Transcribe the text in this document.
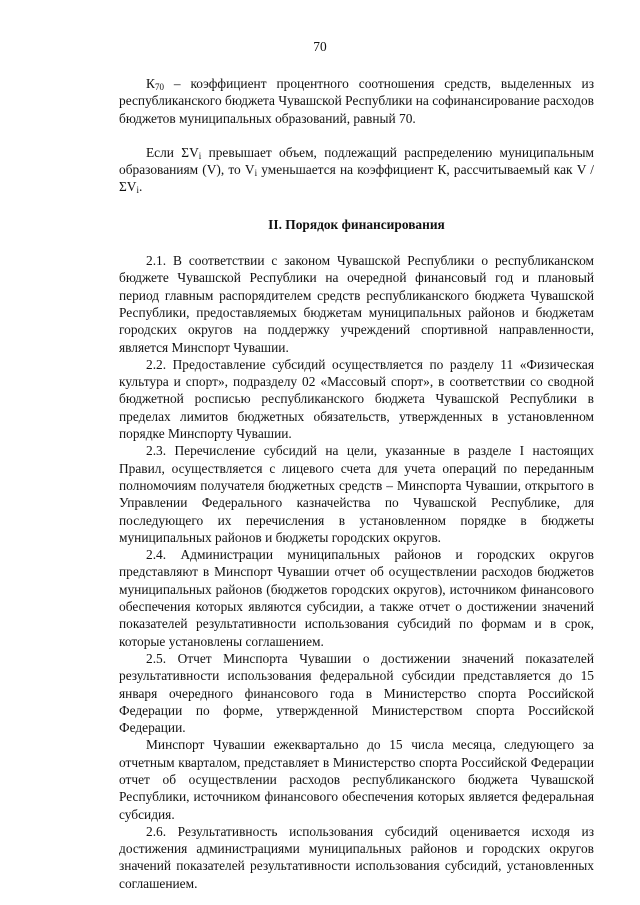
70

$К_{70}$ – коэффициент процентного соотношения средств, выделенных из республиканского бюджета Чувашской Республики на софинансирование расходов бюджетов муниципальных образований, равный 70.

Если $\Sigma V_i$ превышает объем, подлежащий распределению муниципальным образованиям (V), то $V_i$ уменьшается на коэффициент К, рассчитываемый как V / $\Sigma V_i$.

II. Порядок финансирования

2.1. В соответствии с законом Чувашской Республики о республиканском бюджете Чувашской Республики на очередной финансовый год и плановый период главным распорядителем средств республиканского бюджета Чувашской Республики, предоставляемых бюджетам муниципальных районов и бюджетам городских округов на поддержку учреждений спортивной направленности, является Минспорт Чувашии.

2.2. Предоставление субсидий осуществляется по разделу 11 «Физическая культура и спорт», подразделу 02 «Массовый спорт», в соответствии со сводной бюджетной росписью республиканского бюджета Чувашской Республики в пределах лимитов бюджетных обязательств, утвержденных в установленном порядке Минспорту Чувашии.

2.3. Перечисление субсидий на цели, указанные в разделе I настоящих Правил, осуществляется с лицевого счета для учета операций по переданным полномочиям получателя бюджетных средств – Минспорта Чувашии, открытого в Управлении Федерального казначейства по Чувашской Республике, для последующего их перечисления в установленном порядке в бюджеты муниципальных районов и бюджеты городских округов.

2.4. Администрации муниципальных районов и городских округов представляют в Минспорт Чувашии отчет об осуществлении расходов бюджетов муниципальных районов (бюджетов городских округов), источником финансового обеспечения которых являются субсидии, а также отчет о достижении значений показателей результативности использования субсидий по формам и в срок, которые установлены соглашением.

2.5. Отчет Минспорта Чувашии о достижении значений показателей результативности использования федеральной субсидии представляется до 15 января очередного финансового года в Министерство спорта Российской Федерации по форме, утвержденной Министерством спорта Российской Федерации.

Минспорт Чувашии ежеквартально до 15 числа месяца, следующего за отчетным кварталом, представляет в Министерство спорта Российской Федерации отчет об осуществлении расходов республиканского бюджета Чувашской Республики, источником финансового обеспечения которых является федеральная субсидия.

2.6. Результативность использования субсидий оценивается исходя из достижения администрациями муниципальных районов и городских округов значений показателей результативности использования субсидий, установленных соглашением.
